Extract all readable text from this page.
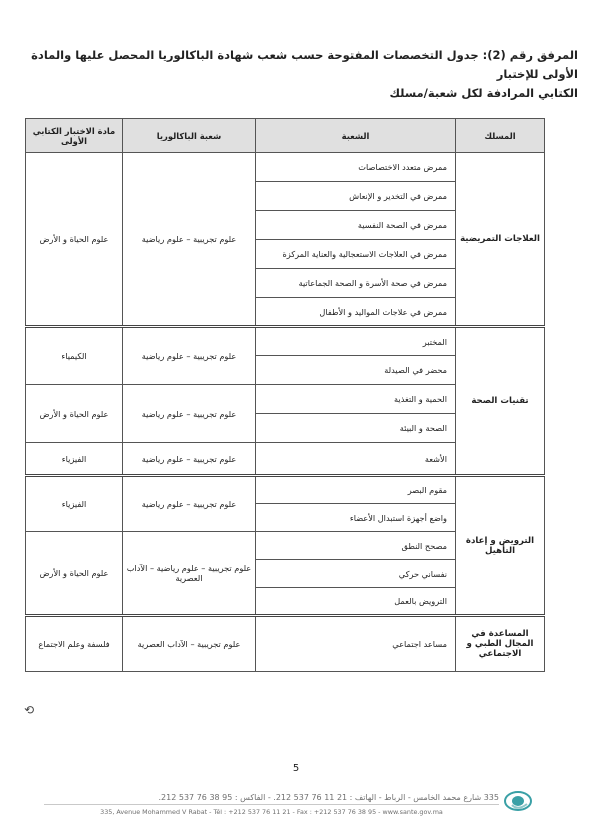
المرفق رقم (2): جدول التخصصات المفتوحة حسب شعب شهادة الباكالوريا المحصل عليها والمادة الأولى للإختبار
الكتابي المرادفة لكل شعبة/مسلك
المسلك	الشعبة	شعبة الباكالوريا	مادة الاختبار الكتابي الأولى
العلاجات التمريضية	ممرض متعدد الاختصاصات	علوم تجريبية – علوم رياضية	علوم الحياة و الأرض
	ممرض في التخدير و الإنعاش		
	ممرض في الصحة النفسية		
	ممرض في العلاجات الاستعجالية والعناية المركزة		
	ممرض في صحة الأسرة و الصحة الجماعاتية		
	ممرض في علاجات المواليد و الأطفال		
تقنيات الصحة	المختبر	علوم تجريبية – علوم رياضية	الكيمياء
	محضر في الصيدلة		
	الحمية و التغذية	علوم تجريبية – علوم رياضية	علوم الحياة و الأرض
	الصحة و البيئة		
	الأشعة	علوم تجريبية – علوم رياضية	الفيزياء
الترويض و إعادة التأهيل	مقوم البصر	علوم تجريبية – علوم رياضية	الفيزياء
	واضع أجهزة استبدال الأعضاء		
	مصحح النطق	علوم تجريبية – علوم رياضية – الآداب العصرية	علوم الحياة و الأرض
	نفساني حركي		
	الترويض بالعمل		
المساعدة في المجال الطبي و الاجتماعي	مساعد اجتماعي	علوم تجريبية – الآداب العصرية	فلسفة وعلم الاجتماع
⟲
5
335 شارع محمد الخامس - الرباط - الهاتف : 21 11 76 537 212. - الفاكس : 95 38 76 537 212.
335, Avenue Mohammed V Rabat - Tél : +212 537 76 11 21 - Fax : +212 537 76 38 95 - www.sante.gov.ma
